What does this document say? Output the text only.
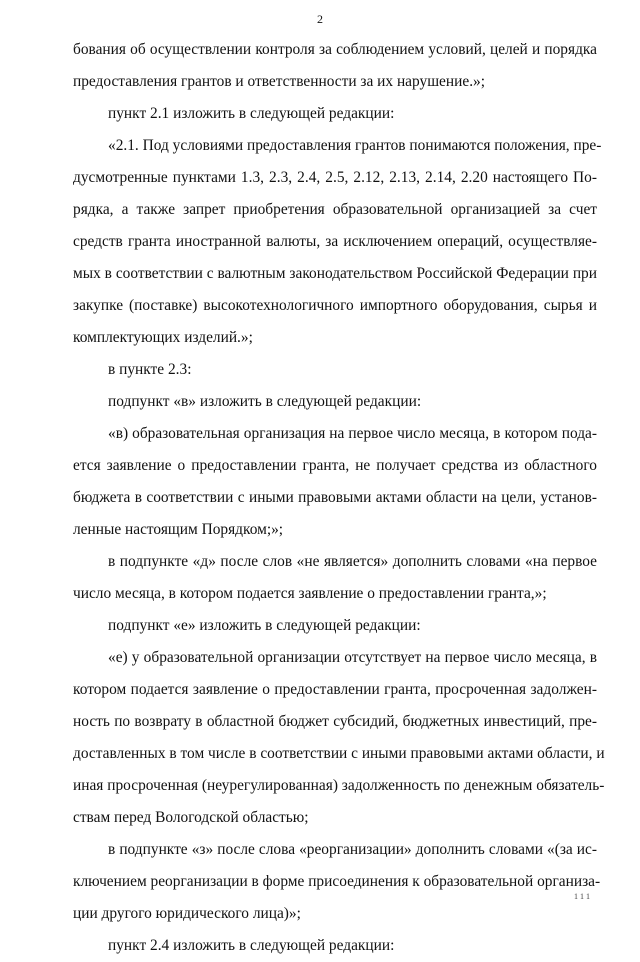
2
бования об осуществлении контроля за соблюдением условий, целей и порядка
предоставления грантов и ответственности за их нарушение.»;
пункт 2.1 изложить в следующей редакции:
«2.1. Под условиями предоставления грантов понимаются положения, пре-
дусмотренные пунктами 1.3, 2.3, 2.4, 2.5, 2.12, 2.13, 2.14, 2.20 настоящего По-
рядка, а также запрет приобретения образовательной организацией за счет
средств гранта иностранной валюты, за исключением операций, осуществляе-
мых в соответствии с валютным законодательством Российской Федерации при
закупке (поставке) высокотехнологичного импортного оборудования, сырья и
комплектующих изделий.»;
в пункте 2.3:
подпункт «в» изложить в следующей редакции:
«в) образовательная организация на первое число месяца, в котором пода-
ется заявление о предоставлении гранта, не получает средства из областного
бюджета в соответствии с иными правовыми актами области на цели, установ-
ленные настоящим Порядком;»;
в подпункте «д» после слов «не является» дополнить словами «на первое
число месяца, в котором подается заявление о предоставлении гранта,»;
подпункт «е» изложить в следующей редакции:
«е) у образовательной организации отсутствует на первое число месяца, в
котором подается заявление о предоставлении гранта, просроченная задолжен-
ность по возврату в областной бюджет субсидий, бюджетных инвестиций, пре-
доставленных в том числе в соответствии с иными правовыми актами области, и
иная просроченная (неурегулированная) задолженность по денежным обязатель-
ствам перед Вологодской областью;
в подпункте «з» после слова «реорганизации» дополнить словами «(за ис-
ключением реорганизации в форме присоединения к образовательной организа-
ции другого юридического лица)»;
пункт 2.4 изложить в следующей редакции:
1 1 1
